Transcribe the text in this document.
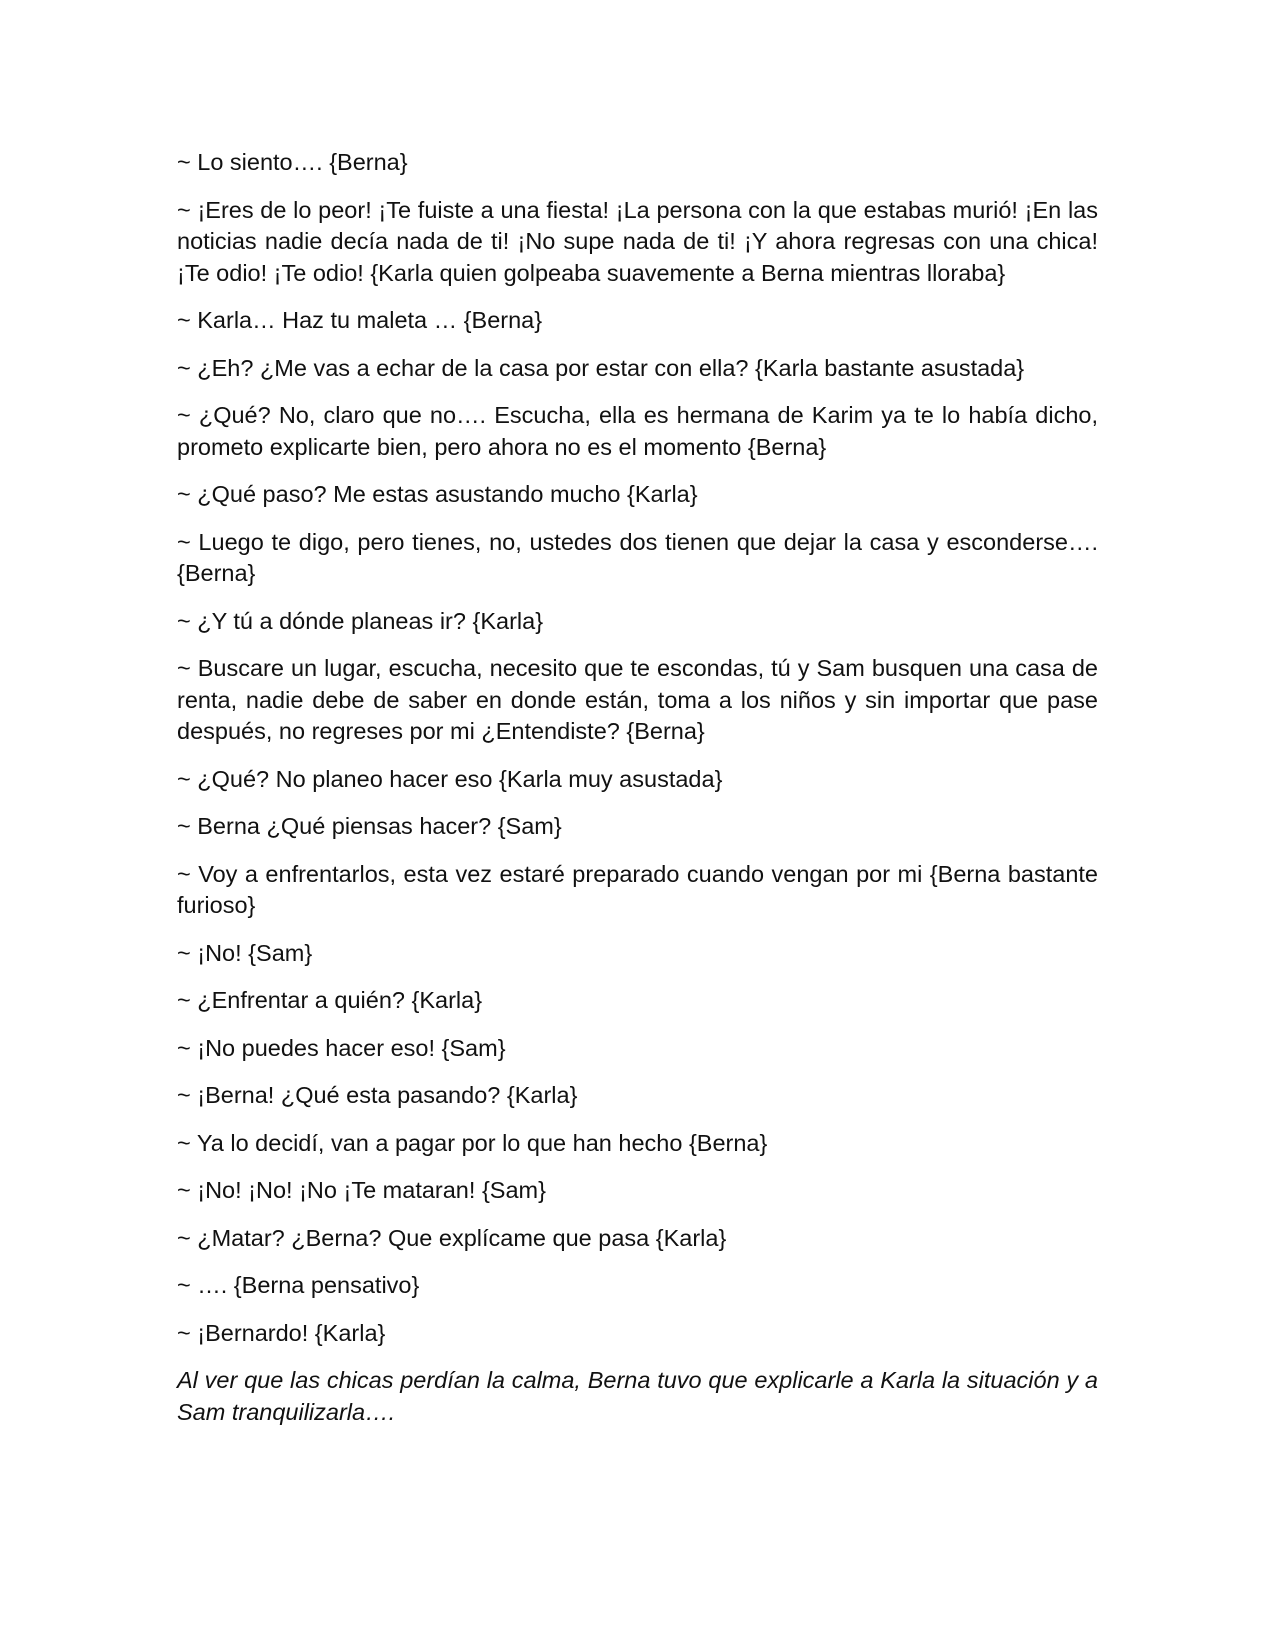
~ Lo siento…. {Berna}

~ ¡Eres de lo peor! ¡Te fuiste a una fiesta! ¡La persona con la que estabas murió! ¡En las noticias nadie decía nada de ti! ¡No supe nada de ti! ¡Y ahora regresas con una chica! ¡Te odio! ¡Te odio! {Karla quien golpeaba suavemente a Berna mientras lloraba}

~ Karla… Haz tu maleta … {Berna}

~ ¿Eh? ¿Me vas a echar de la casa por estar con ella? {Karla bastante asustada}

~ ¿Qué? No, claro que no…. Escucha, ella es hermana de Karim ya te lo había dicho, prometo explicarte bien, pero ahora no es el momento {Berna}

~ ¿Qué paso? Me estas asustando mucho {Karla}

~ Luego te digo, pero tienes, no, ustedes dos tienen que dejar la casa y esconderse…. {Berna}

~ ¿Y tú a dónde planeas ir? {Karla}

~ Buscare un lugar, escucha, necesito que te escondas, tú y Sam busquen una casa de renta, nadie debe de saber en donde están, toma a los niños y sin importar que pase después, no regreses por mi ¿Entendiste? {Berna}

~ ¿Qué? No planeo hacer eso {Karla muy asustada}

~ Berna ¿Qué piensas hacer? {Sam}

~ Voy a enfrentarlos, esta vez estaré preparado cuando vengan por mi {Berna bastante furioso}

~ ¡No! {Sam}

~ ¿Enfrentar a quién? {Karla}

~ ¡No puedes hacer eso! {Sam}

~ ¡Berna! ¿Qué esta pasando? {Karla}

~ Ya lo decidí, van a pagar por lo que han hecho {Berna}

~ ¡No! ¡No! ¡No ¡Te mataran! {Sam}

~ ¿Matar? ¿Berna? Que explícame que pasa {Karla}

~ …. {Berna pensativo}

~ ¡Bernardo! {Karla}

Al ver que las chicas perdían la calma, Berna tuvo que explicarle a Karla la situación y a Sam tranquilizarla….
